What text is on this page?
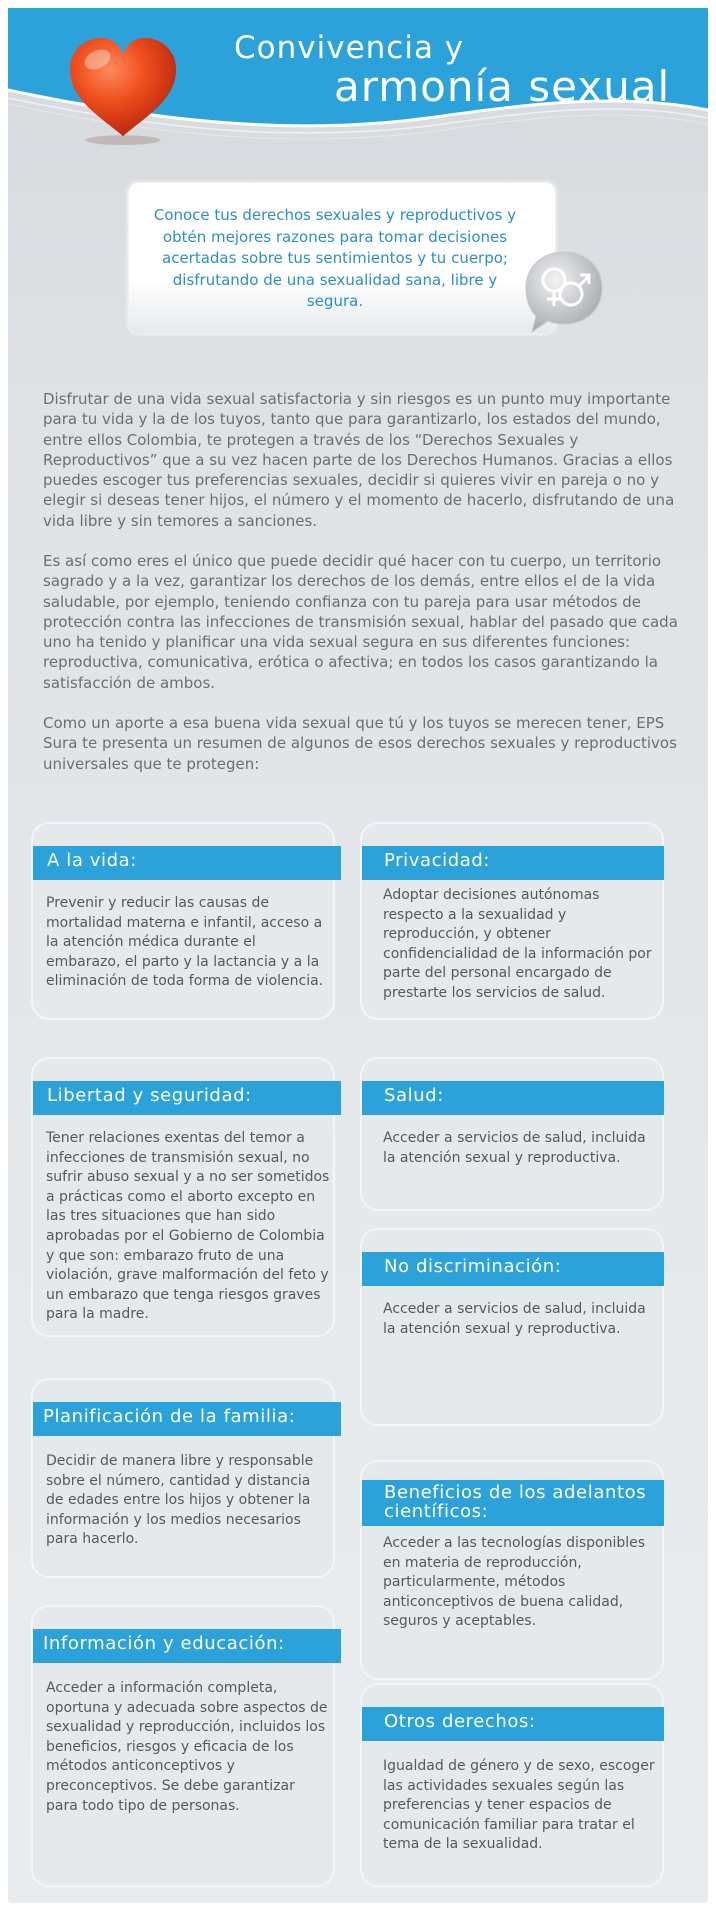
Convivencia y
armonía sexual

Conoce tus derechos sexuales y reproductivos y obtén mejores razones para tomar decisiones acertadas sobre tus sentimientos y tu cuerpo; disfrutando de una sexualidad sana, libre y segura.

Disfrutar de una vida sexual satisfactoria y sin riesgos es un punto muy importante para tu vida y la de los tuyos, tanto que para garantizarlo, los estados del mundo, entre ellos Colombia, te protegen a través de los “Derechos Sexuales y Reproductivos” que a su vez hacen parte de los Derechos Humanos. Gracias a ellos puedes escoger tus preferencias sexuales, decidir si quieres vivir en pareja o no y elegir si deseas tener hijos, el número y el momento de hacerlo, disfrutando de una vida libre y sin temores a sanciones.

Es así como eres el único que puede decidir qué hacer con tu cuerpo, un territorio sagrado y a la vez, garantizar los derechos de los demás, entre ellos el de la vida saludable, por ejemplo, teniendo confianza con tu pareja para usar métodos de protección contra las infecciones de transmisión sexual, hablar del pasado que cada uno ha tenido y planificar una vida sexual segura en sus diferentes funciones: reproductiva, comunicativa, erótica o afectiva; en todos los casos garantizando la satisfacción de ambos.

Como un aporte a esa buena vida sexual que tú y los tuyos se merecen tener, EPS Sura te presenta un resumen de algunos de esos derechos sexuales y reproductivos universales que te protegen:

A la vida:

Prevenir y reducir las causas de mortalidad materna e infantil, acceso a la atención médica durante el embarazo, el parto y la lactancia y a la eliminación de toda forma de violencia.

Privacidad:

Adoptar decisiones autónomas respecto a la sexualidad y reproducción, y obtener confidencialidad de la información por parte del personal encargado de prestarte los servicios de salud.

Libertad y seguridad:

Tener relaciones exentas del temor a infecciones de transmisión sexual, no sufrir abuso sexual y a no ser sometidos a prácticas como el aborto excepto en las tres situaciones que han sido aprobadas por el Gobierno de Colombia y que son: embarazo fruto de una violación, grave malformación del feto y un embarazo que tenga riesgos graves para la madre.

Salud:

Acceder a servicios de salud, incluida la atención sexual y reproductiva.

No discriminación:

Acceder a servicios de salud, incluida la atención sexual y reproductiva.

Planificación de la familia:

Decidir de manera libre y responsable sobre el número, cantidad y distancia de edades entre los hijos y obtener la información y los medios necesarios para hacerlo.

Beneficios de los adelantos científicos:

Acceder a las tecnologías disponibles en materia de reproducción, particularmente, métodos anticonceptivos de buena calidad, seguros y aceptables.

Información y educación:

Acceder a información completa, oportuna y adecuada sobre aspectos de sexualidad y reproducción, incluidos los beneficios, riesgos y eficacia de los métodos anticonceptivos y preconceptivos. Se debe garantizar para todo tipo de personas.

Otros derechos:

Igualdad de género y de sexo, escoger las actividades sexuales según las preferencias y tener espacios de comunicación familiar para tratar el tema de la sexualidad.
